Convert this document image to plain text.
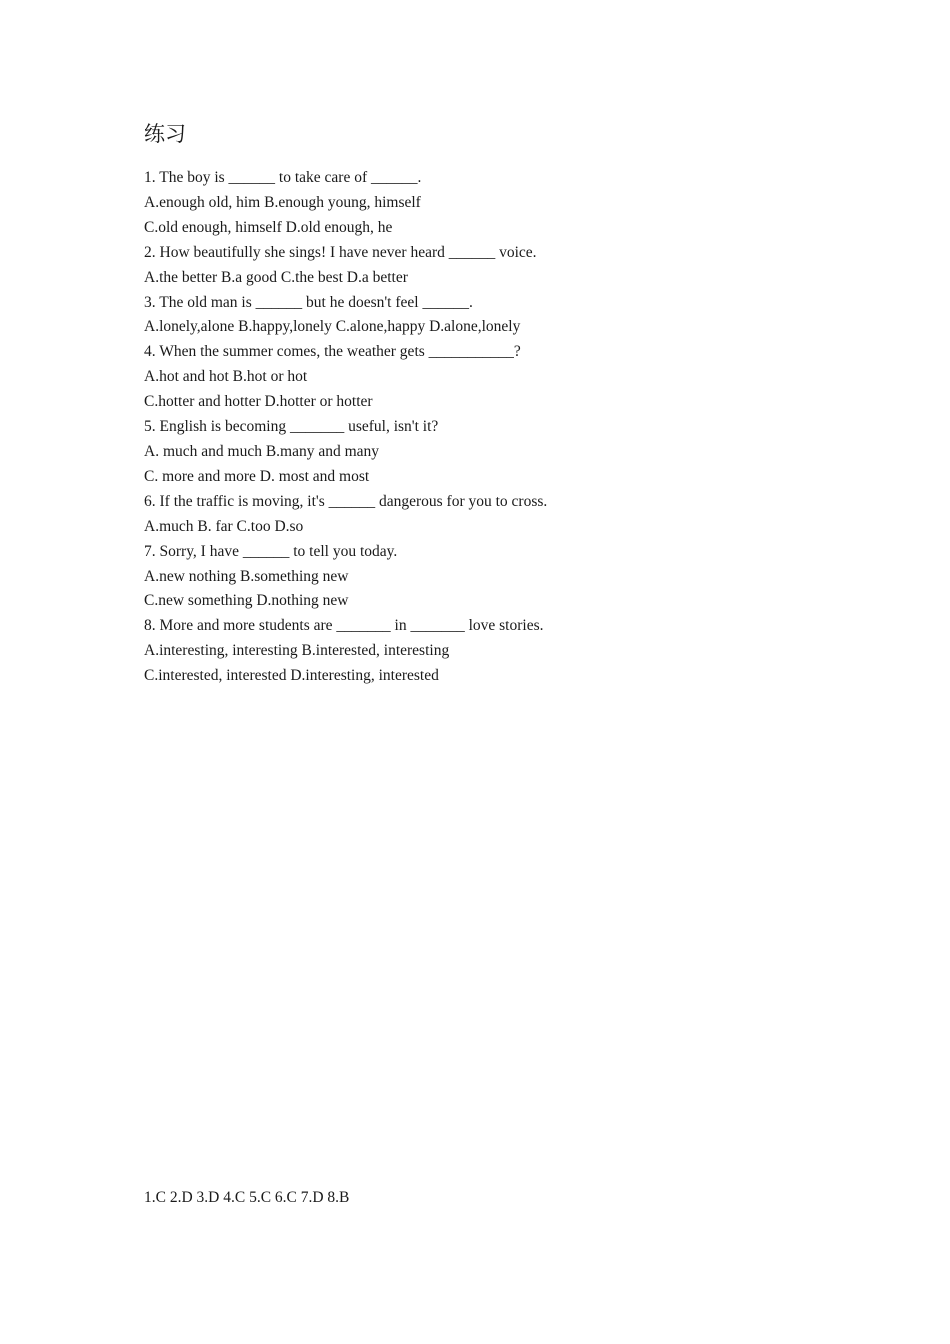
练习
1. The boy is ______ to take care of ______.
A.enough old, him B.enough young, himself
C.old enough, himself D.old enough, he
2. How beautifully she sings! I have never heard ______ voice.
A.the better B.a good C.the best D.a better
3. The old man is ______ but he doesn't feel ______.
A.lonely,alone B.happy,lonely C.alone,happy D.alone,lonely
4. When the summer comes, the weather gets ___________?
A.hot and hot B.hot or hot
C.hotter and hotter D.hotter or hotter
5. English is becoming _______ useful, isn't it?
A. much and much B.many and many
C. more and more D. most and most
6. If the traffic is moving, it's ______ dangerous for you to cross.
A.much B. far C.too D.so
7. Sorry, I have ______ to tell you today.
A.new nothing B.something new
C.new something D.nothing new
8. More and more students are _______ in _______ love stories.
A.interesting, interesting B.interested, interesting
C.interested, interested D.interesting, interested
1.C 2.D 3.D 4.C 5.C 6.C 7.D 8.B
